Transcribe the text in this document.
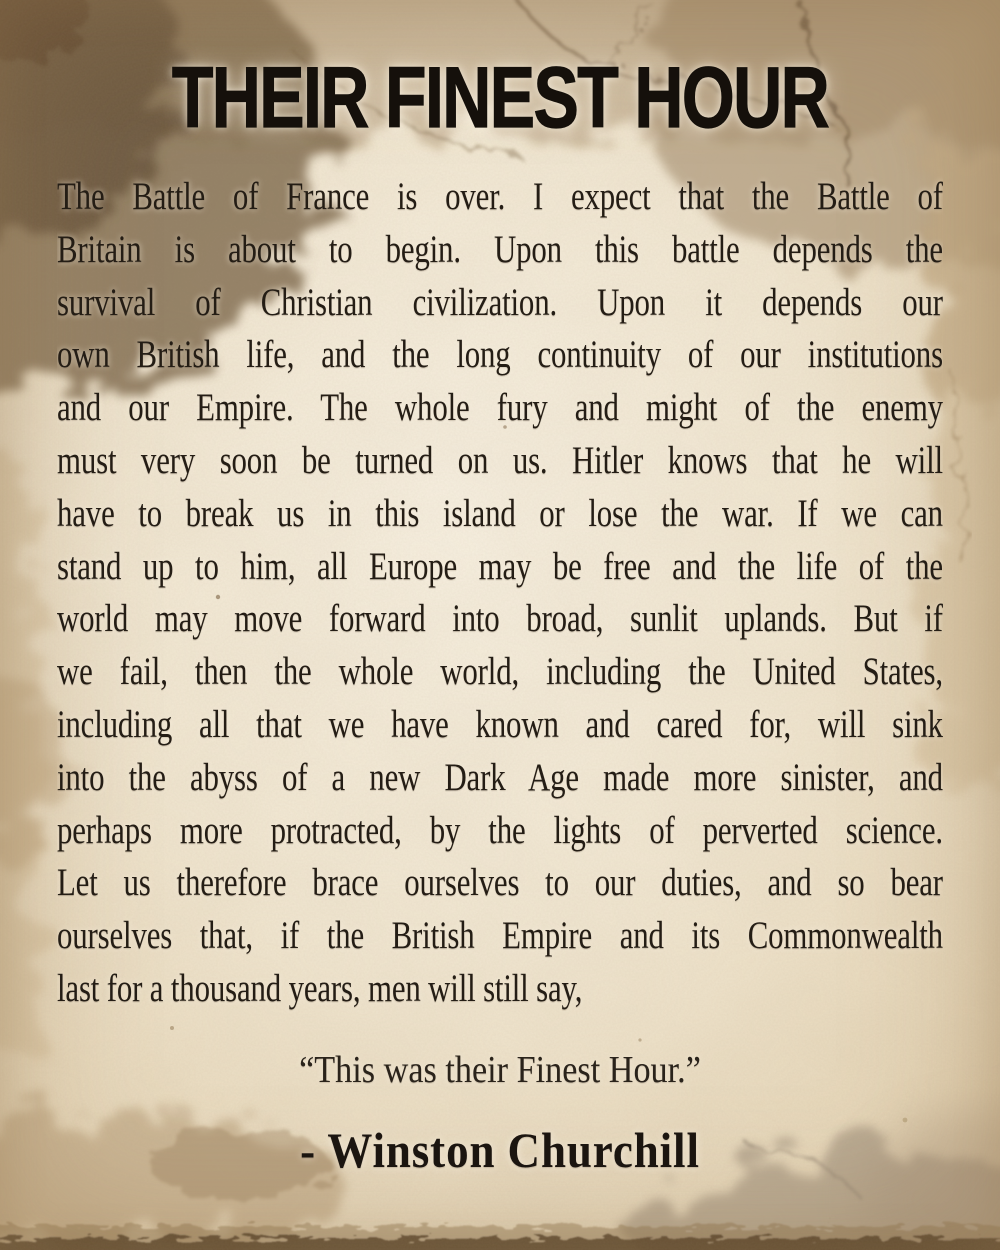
THEIR FINEST HOUR
The Battle of France is over. I expect that the Battle of
Britain is about to begin. Upon this battle depends the
survival of Christian civilization. Upon it depends our
own British life, and the long continuity of our institutions
and our Empire. The whole fury and might of the enemy
must very soon be turned on us. Hitler knows that he will
have to break us in this island or lose the war. If we can
stand up to him, all Europe may be free and the life of the
world may move forward into broad, sunlit uplands. But if
we fail, then the whole world, including the United States,
including all that we have known and cared for, will sink
into the abyss of a new Dark Age made more sinister, and
perhaps more protracted, by the lights of perverted science.
Let us therefore brace ourselves to our duties, and so bear
ourselves that, if the British Empire and its Commonwealth
last for a thousand years, men will still say,
“This was their Finest Hour.”
- Winston Churchill
